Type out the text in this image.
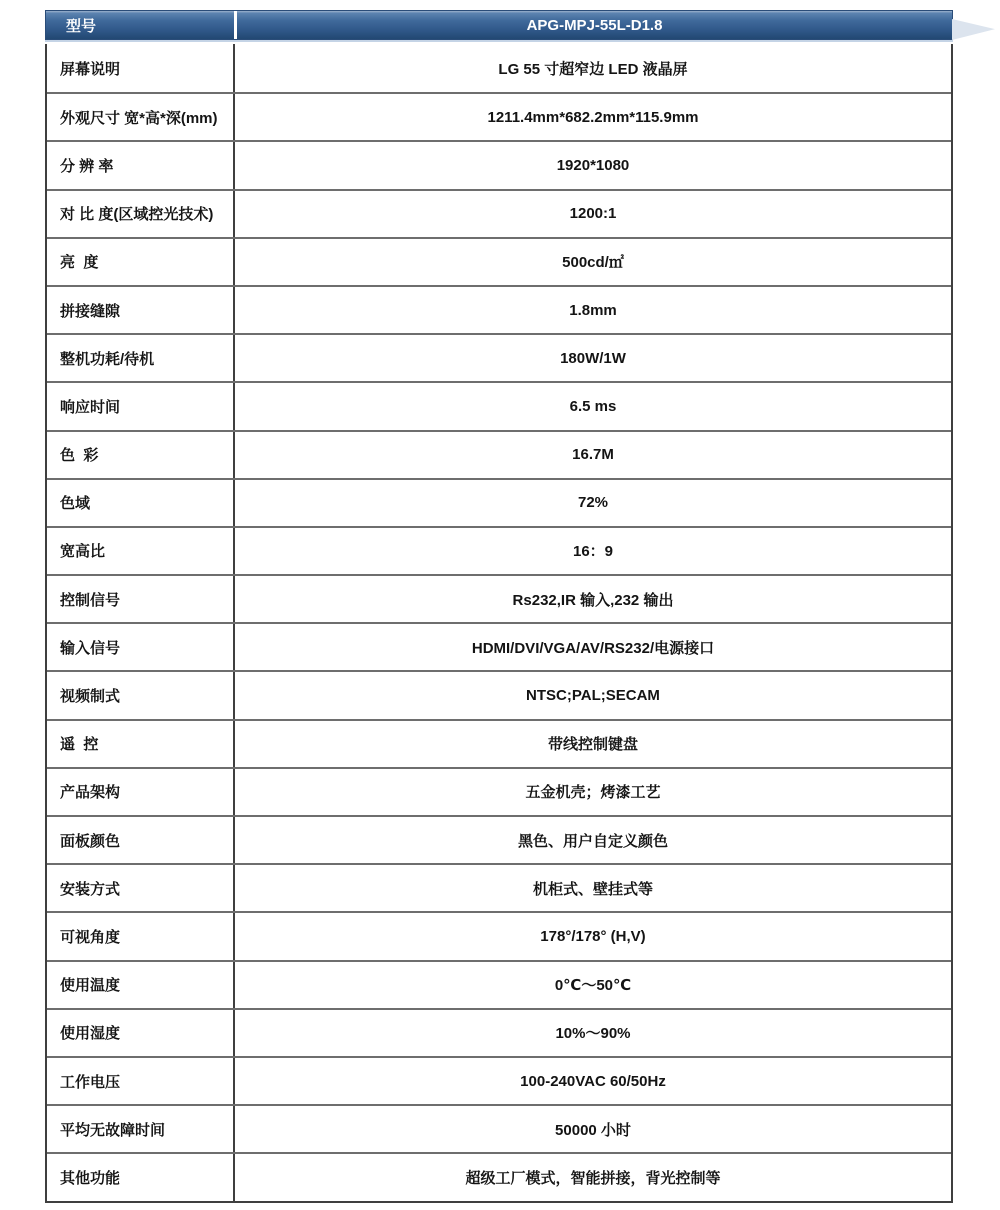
型号	APG-MPJ-55L-D1.8
屏幕说明	LG 55 寸超窄边 LED 液晶屏
外观尺寸 宽*高*深(mm)	1211.4mm*682.2mm*115.9mm
分 辨 率	1920*1080
对 比 度(区域控光技术)	1200:1
亮  度	500cd/㎡
拼接缝隙	1.8mm
整机功耗/待机	180W/1W
响应时间	6.5 ms
色  彩	16.7M
色域	72%
宽高比	16：9
控制信号	Rs232,IR 输入,232 输出
输入信号	HDMI/DVI/VGA/AV/RS232/电源接口
视频制式	NTSC;PAL;SECAM
遥  控	带线控制键盘
产品架构	五金机壳；烤漆工艺
面板颜色	黑色、用户自定义颜色
安装方式	机柜式、壁挂式等
可视角度	178°/178° (H,V)
使用温度	0℃～50℃
使用湿度	10%～90%
工作电压	100-240VAC 60/50Hz
平均无故障时间	50000 小时
其他功能	超级工厂模式，智能拼接，背光控制等
